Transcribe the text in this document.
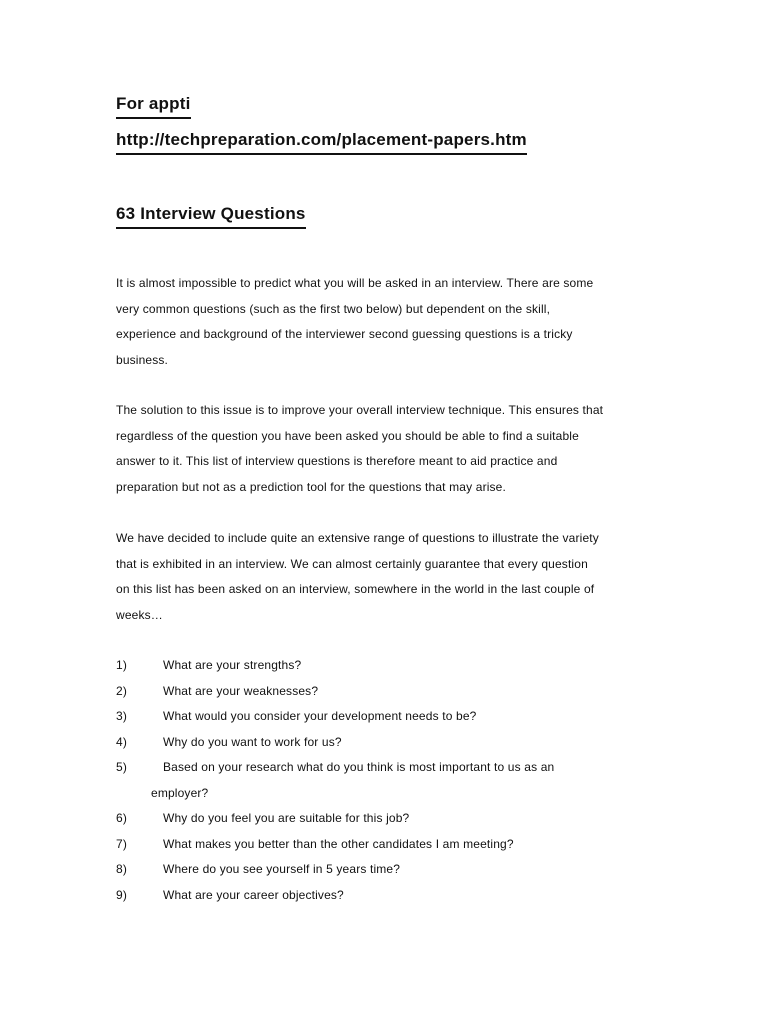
For appti
http://techpreparation.com/placement-papers.htm
63 Interview Questions
It is almost impossible to predict what you will be asked in an interview. There are some
very common questions (such as the first two below) but dependent on the skill,
experience and background of the interviewer second guessing questions is a tricky
business.
The solution to this issue is to improve your overall interview technique. This ensures that
regardless of the question you have been asked you should be able to find a suitable
answer to it. This list of interview questions is therefore meant to aid practice and
preparation but not as a prediction tool for the questions that may arise.
We have decided to include quite an extensive range of questions to illustrate the variety
that is exhibited in an interview. We can almost certainly guarantee that every question
on this list has been asked on an interview, somewhere in the world in the last couple of
weeks…
1)	What are your strengths?
2)	What are your weaknesses?
3)	What would you consider your development needs to be?
4)	Why do you want to work for us?
5)	Based on your research what do you think is most important to us as an
employer?
6)	Why do you feel you are suitable for this job?
7)	What makes you better than the other candidates I am meeting?
8)	Where do you see yourself in 5 years time?
9)	What are your career objectives?
